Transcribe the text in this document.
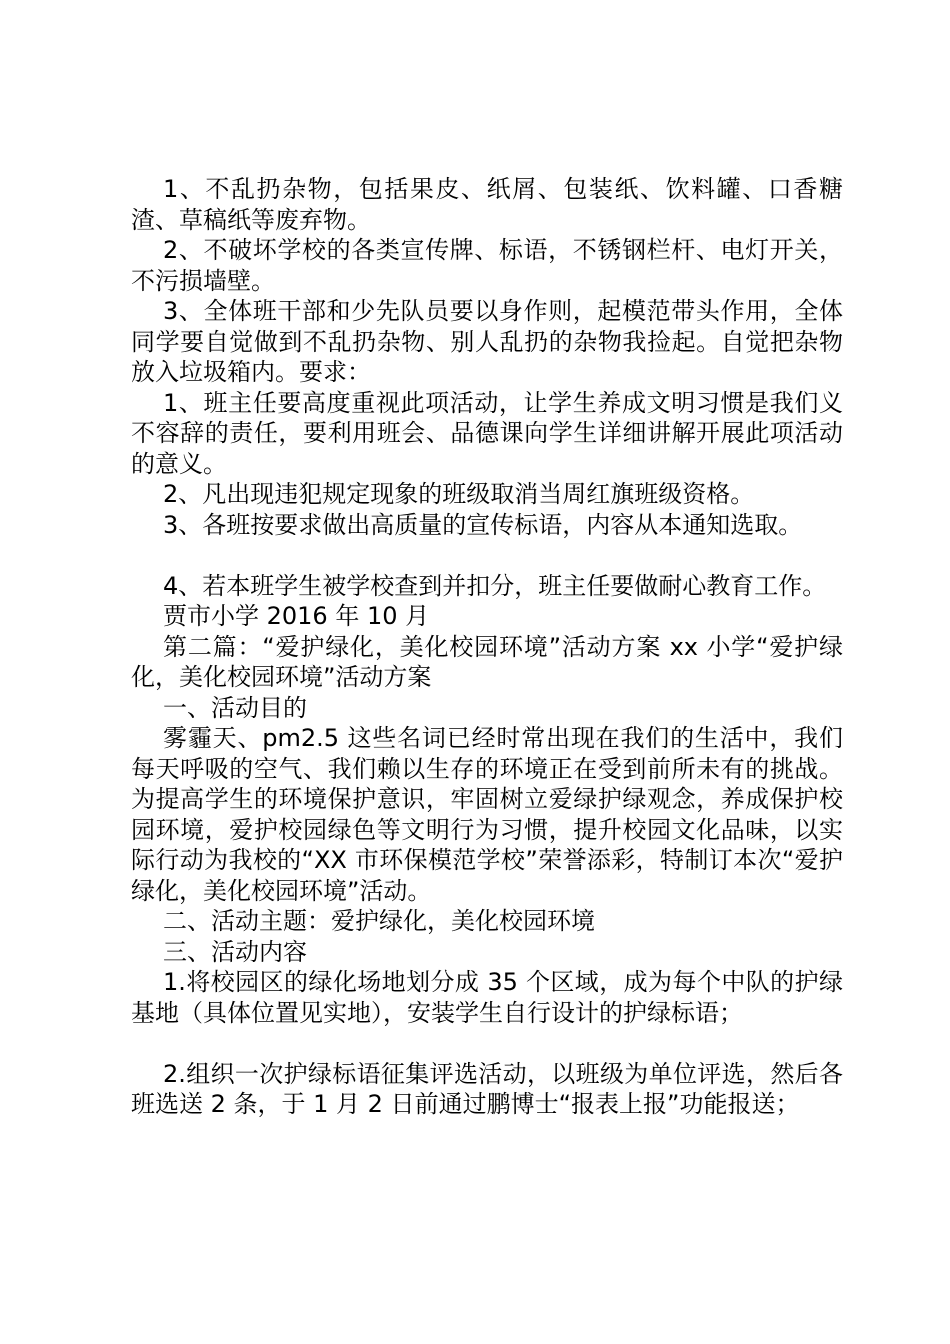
1、不乱扔杂物，包括果皮、纸屑、包装纸、饮料罐、口香糖渣、草稿纸等废弃物。

2、不破坏学校的各类宣传牌、标语，不锈钢栏杆、电灯开关，不污损墙壁。

3、全体班干部和少先队员要以身作则，起模范带头作用，全体同学要自觉做到不乱扔杂物、别人乱扔的杂物我捡起。自觉把杂物放入垃圾箱内。要求：

1、班主任要高度重视此项活动，让学生养成文明习惯是我们义不容辞的责任，要利用班会、品德课向学生详细讲解开展此项活动的意义。

2、凡出现违犯规定现象的班级取消当周红旗班级资格。

3、各班按要求做出高质量的宣传标语，内容从本通知选取。

4、若本班学生被学校查到并扣分，班主任要做耐心教育工作。

贾市小学 2016 年 10 月

第二篇：“爱护绿化，美化校园环境”活动方案 xx 小学“爱护绿化，美化校园环境”活动方案

一、活动目的

雾霾天、pm2.5 这些名词已经时常出现在我们的生活中，我们每天呼吸的空气、我们赖以生存的环境正在受到前所未有的挑战。为提高学生的环境保护意识，牢固树立爱绿护绿观念，养成保护校园环境，爱护校园绿色等文明行为习惯，提升校园文化品味，以实际行动为我校的“XX 市环保模范学校”荣誉添彩，特制订本次“爱护绿化，美化校园环境”活动。

二、活动主题：爱护绿化，美化校园环境

三、活动内容

1.将校园区的绿化场地划分成 35 个区域，成为每个中队的护绿基地（具体位置见实地），安装学生自行设计的护绿标语；

2.组织一次护绿标语征集评选活动，以班级为单位评选，然后各班选送 2 条，于 1 月 2 日前通过鹏博士“报表上报”功能报送；
